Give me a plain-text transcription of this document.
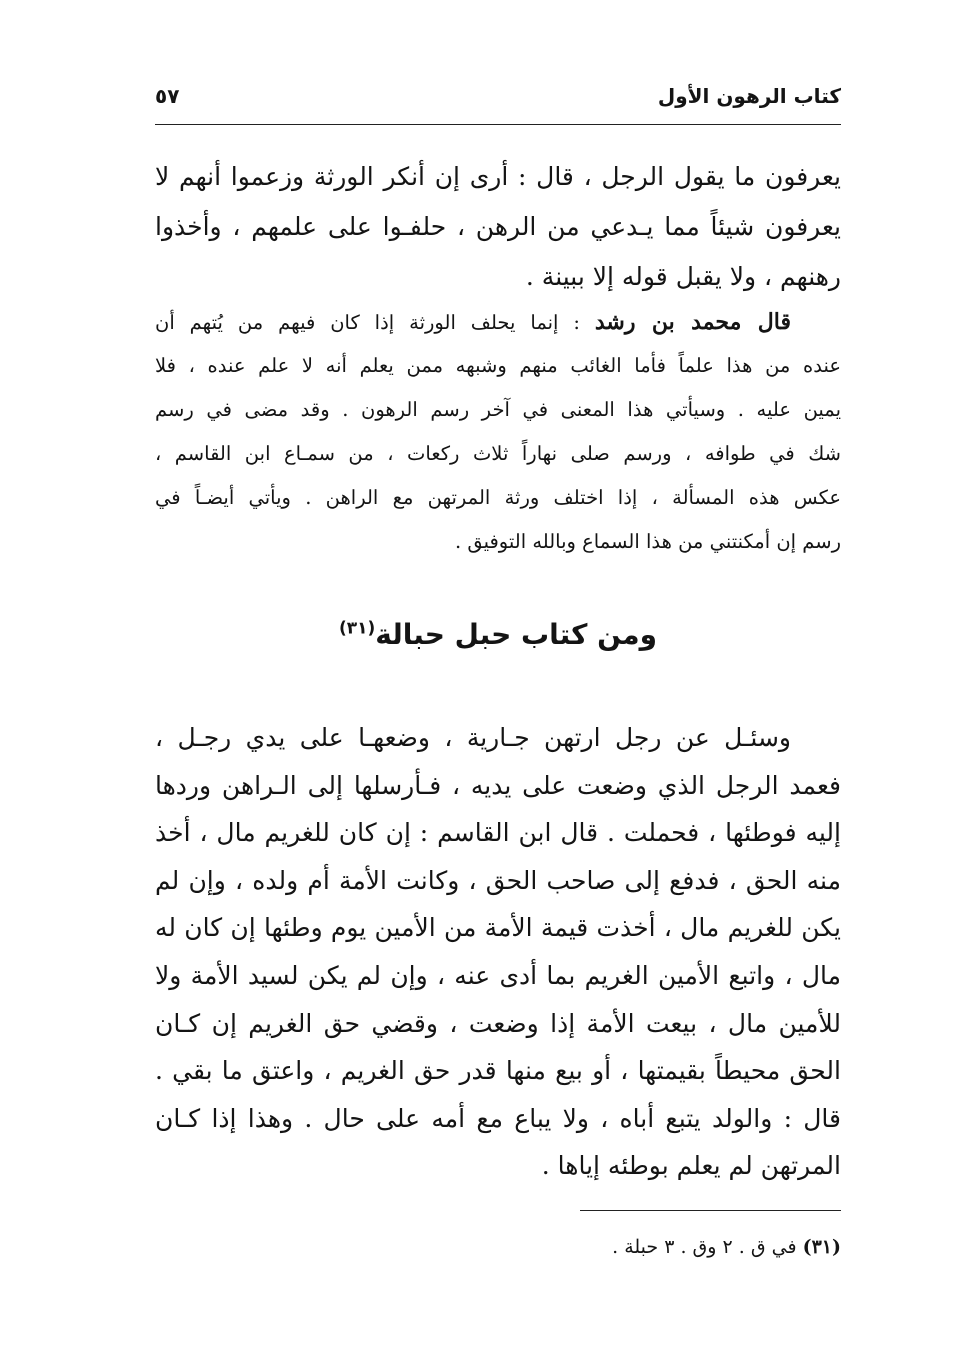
كتاب الرهون الأول
٥٧
يعرفون ما يقول الرجل ، قال : أرى إن أنكر الورثة وزعموا أنهم لا
يعرفون شيئاً مما يـدعي من الرهن ، حلفـوا على علمهم ، وأخذوا
رهنهم ، ولا يقبل قوله إلا ببينة .
قال محمد بن رشد : إنما يحلف الورثة إذا كان فيهم من يُتهم أن
عنده من هذا علماً فأما الغائب منهم وشبهه ممن يعلم أنه لا علم عنده ، فلا
يمين عليه . وسيأتي هذا المعنى في آخر رسم الرهون . وقد مضى في رسم
شك في طوافه ، ورسم صلى نهاراً ثلاث ركعات ، من سمـاع ابن القاسم ،
عكس هذه المسألة ، إذا اختلف ورثة المرتهن مع الراهن . ويأتي أيضـاً في
رسم إن أمكنتني من هذا السماع وبالله التوفيق .
ومن كتاب حبل حبالة$^{(٣١)}$
وسئـل عن رجل ارتهن جـارية ، وضعهـا على يدي رجـل ،
فعمد الرجل الذي وضعت على يديه ، فـأرسلها إلى الـراهن وردها
إليه فوطئها ، فحملت . قال ابن القاسم : إن كان للغريم مال ، أخذ
منه الحق ، فدفع إلى صاحب الحق ، وكانت الأمة أم ولده ، وإن لم
يكن للغريم مال ، أخذت قيمة الأمة من الأمين يوم وطئها إن كان له
مال ، واتبع الأمين الغريم بما أدى عنه ، وإن لم يكن لسيد الأمة ولا
للأمين مال ، بيعت الأمة إذا وضعت ، وقضي حق الغريم إن كـان
الحق محيطاً بقيمتها ، أو بيع منها قدر حق الغريم ، واعتق ما بقي .
قال : والولد يتبع أباه ، ولا يباع مع أمه على حال . وهذا إذا كـان
المرتهن لم يعلم بوطئه إياها .
(٣١) في ق . ٢ وق . ٣ حبلة .
